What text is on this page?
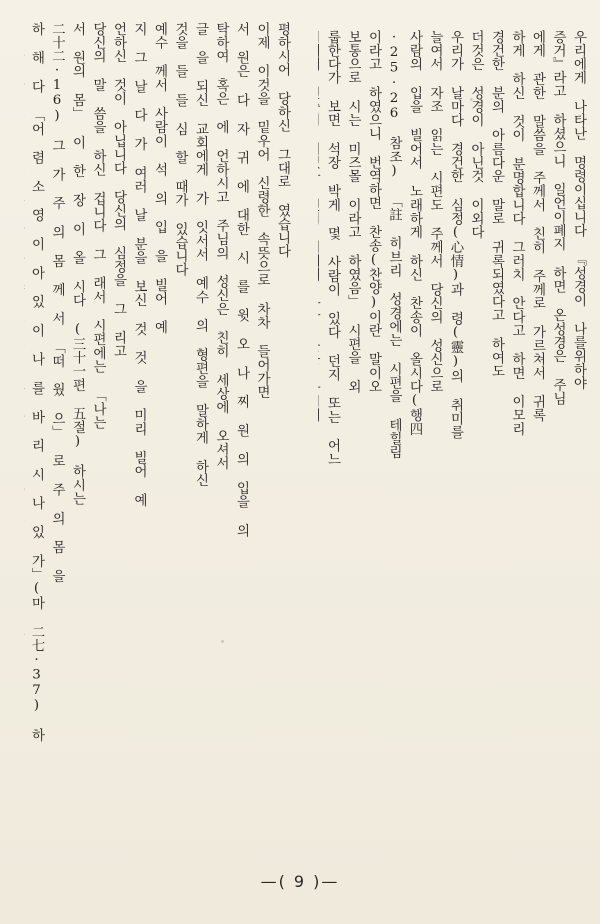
우리에게 나타난 명령이십니다 『성경이 나를위하야
증거』라고 하셨으니 일언이폐지 하면 온성경은 주님
에게 관한 말씀을 주께서 친히 주께로 가르쳐서 귀록
하게 하신 것이 분명합니다 그러치 안다고 하면 이모리
경건한 분의 아름다운 말로 귀록되였다고 하여도
더것은 성경이 아닌것 이외다
우리가 날마다 경건한 심정(心情)과 령(靈)의 취미를
늘여서 자조 읽는 시편도 주께서 당신의 성신으로
사람의 입을 빌어서 노래하게 하신 찬송이 올시다(행四
·25·26 참조) 「註 히브리 성경에는 시편을 테힐림
이라고 하였으니 번역하면 찬송(찬양)이란 말이오
보통으로 시는 미즈몰 이라고 하였음」 시편을 외
룹한다가 보면 석장 박게 몇 사람이 있다 던지 또는 어느
평하시어 당하신 그대로 였습니다
이제 이것을 밑우어 신령한 속뜻으로 차차 들어가면
서 원은 다 자 귀 에 대한 시 를 윗 오 나 찌 원 의 입을 의
탁하여 혹은 에 언하시고 주님의 성신은 친히 세상에 오셔서
글 을 되신 교회에게 가 잇서서 예수 의 형편을 말하게 하신
것을 들 들 심 할 때가 있습니다
예수 께서 사람이 석 의 입 을 빌어 예
지 그 날 다 가 여러 날 분을 보신 것 것 을 미리 빌어 예
언하신 것이 아닙니다 당신의 심정을 그 리고
당신의 말 씀을 하신 겁니다 그 래서 시편에는 「나는
서 원의 몸」 이 한 장 이 올 시다 (三十一편 五절) 하시는
二十二·16) 그 가 주 의 몸 께 서 「떠 웠 으」 로 주 의 몸 을
하 해 다 「어 렴 소 영 이 아 있 이 나 를 바 리 시 나 있 가」(마 二七·37) 하
—( 9 )—
